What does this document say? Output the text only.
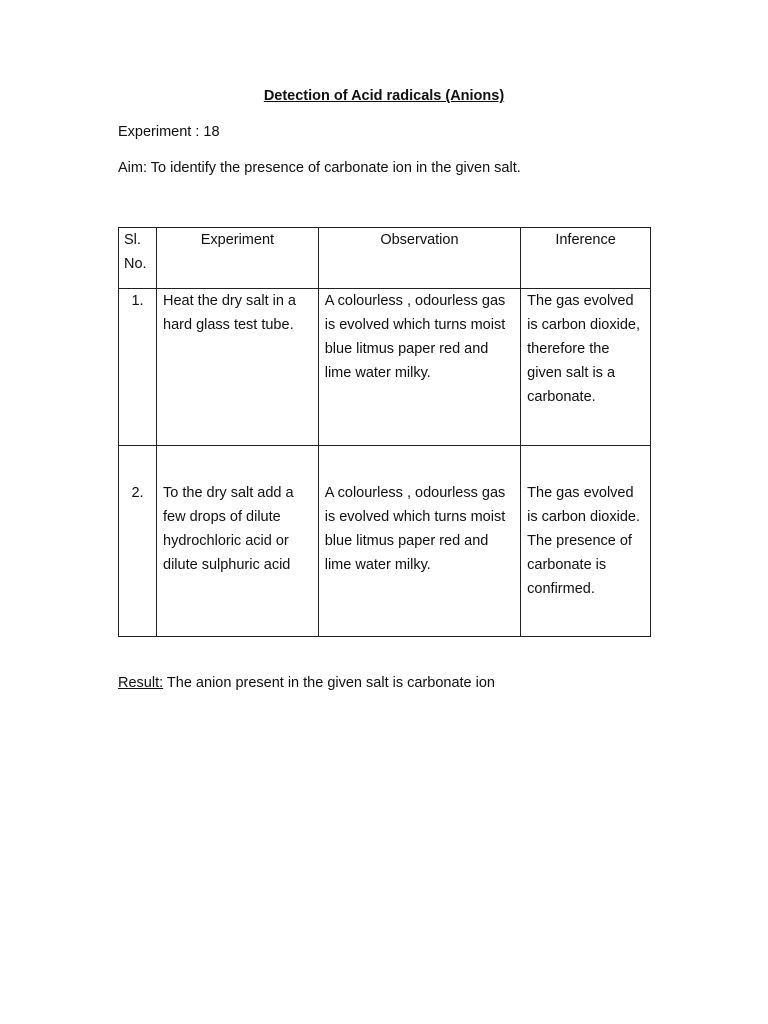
Detection of Acid radicals (Anions)
Experiment : 18
Aim: To identify the presence of carbonate ion in the given salt.
Sl. No.	Experiment	Observation	Inference
1.	Heat the dry salt in a hard glass test tube.	A colourless , odourless gas is evolved which turns moist blue litmus paper red and lime water milky.	The gas evolved is carbon dioxide, therefore the given salt is a carbonate.
2.	To the dry salt add a few drops of dilute hydrochloric acid or dilute sulphuric acid	A colourless , odourless gas is evolved which turns moist blue litmus paper red and lime water milky.	The gas evolved is carbon dioxide. The presence of carbonate is confirmed.
Result: The anion present in the given salt is carbonate ion
